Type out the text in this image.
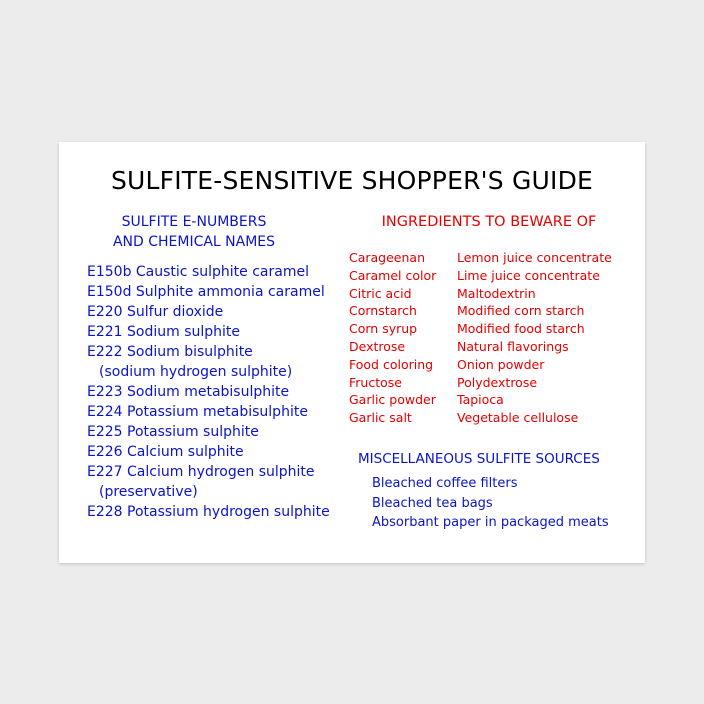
SULFITE-SENSITIVE SHOPPER'S GUIDE
SULFITE E-NUMBERS
AND CHEMICAL NAMES
E150b Caustic sulphite caramel
E150d Sulphite ammonia caramel
E220 Sulfur dioxide
E221 Sodium sulphite
E222 Sodium bisulphite
(sodium hydrogen sulphite)
E223 Sodium metabisulphite
E224 Potassium metabisulphite
E225 Potassium sulphite
E226 Calcium sulphite
E227 Calcium hydrogen sulphite
(preservative)
E228 Potassium hydrogen sulphite
INGREDIENTS TO BEWARE OF
Carageenan
Caramel color
Citric acid
Cornstarch
Corn syrup
Dextrose
Food coloring
Fructose
Garlic powder
Garlic salt
Lemon juice concentrate
Lime juice concentrate
Maltodextrin
Modified corn starch
Modified food starch
Natural flavorings
Onion powder
Polydextrose
Tapioca
Vegetable cellulose
MISCELLANEOUS SULFITE SOURCES
Bleached coffee filters
Bleached tea bags
Absorbant paper in packaged meats
